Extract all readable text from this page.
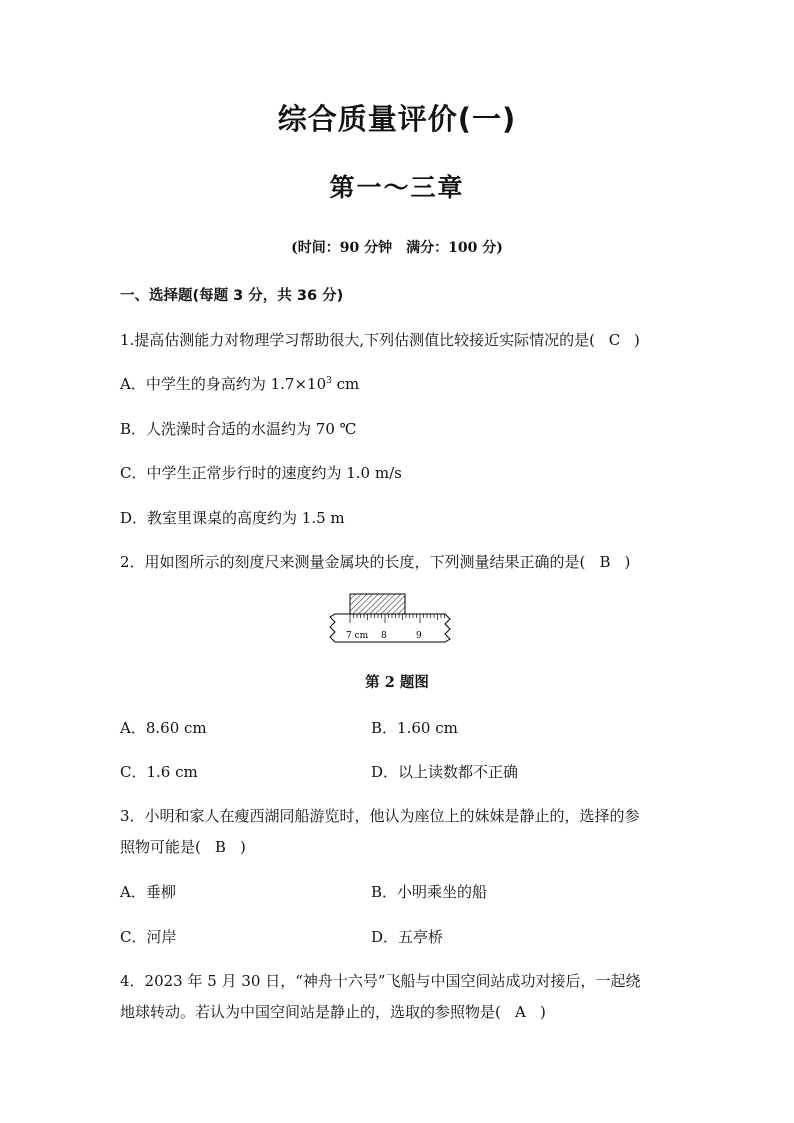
综合质量评价(一)
第一～三章
(时间：90 分钟　满分：100 分)
一、选择题(每题 3 分，共 36 分)
1.提高估测能力对物理学习帮助很大,下列估测值比较接近实际情况的是( C )
A．中学生的身高约为 $1.7\times 10^3$ cm
B．人洗澡时合适的水温约为 70 ℃
C．中学生正常步行时的速度约为 1.0 m/s
D．教室里课桌的高度约为 1.5 m
2．用如图所示的刻度尺来测量金属块的长度，下列测量结果正确的是( B )
7 cm 8	9
第 2 题图
A．8.60 cm	B．1.60 cm
C．1.6 cm	D．以上读数都不正确
3．小明和家人在瘦西湖同船游览时，他认为座位上的妹妹是静止的，选择的参
照物可能是( B )
A．垂柳	B．小明乘坐的船
C．河岸	D．五亭桥
4．2023 年 5 月 30 日，“神舟十六号”飞船与中国空间站成功对接后，一起绕
地球转动。若认为中国空间站是静止的，选取的参照物是( A )
